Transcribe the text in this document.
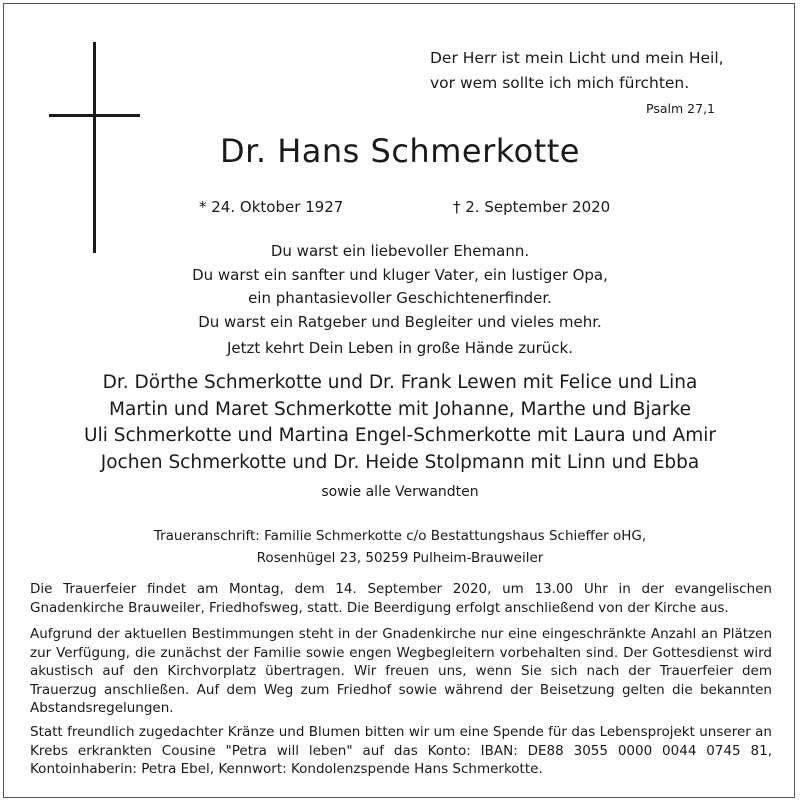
Der Herr ist mein Licht und mein Heil,
vor wem sollte ich mich fürchten.
Psalm 27,1
Dr. Hans Schmerkotte
* 24. Oktober 1927	† 2. September 2020
Du warst ein liebevoller Ehemann.
Du warst ein sanfter und kluger Vater, ein lustiger Opa,
ein phantasievoller Geschichtenerfinder.
Du warst ein Ratgeber und Begleiter und vieles mehr.
Jetzt kehrt Dein Leben in große Hände zurück.
Dr. Dörthe Schmerkotte und Dr. Frank Lewen mit Felice und Lina
Martin und Maret Schmerkotte mit Johanne, Marthe und Bjarke
Uli Schmerkotte und Martina Engel-Schmerkotte mit Laura und Amir
Jochen Schmerkotte und Dr. Heide Stolpmann mit Linn und Ebba
sowie alle Verwandten
Traueranschrift: Familie Schmerkotte c/o Bestattungshaus Schieffer oHG,
Rosenhügel 23, 50259 Pulheim-Brauweiler
Die Trauerfeier findet am Montag, dem 14. September 2020, um 13.00 Uhr in der evangelischen Gnadenkirche Brauweiler, Friedhofsweg, statt. Die Beerdigung erfolgt anschließend von der Kirche aus.
Aufgrund der aktuellen Bestimmungen steht in der Gnadenkirche nur eine eingeschränkte Anzahl an Plätzen zur Verfügung, die zunächst der Familie sowie engen Wegbegleitern vorbehalten sind. Der Gottesdienst wird akustisch auf den Kirchvorplatz übertragen. Wir freuen uns, wenn Sie sich nach der Trauerfeier dem Trauerzug anschließen. Auf dem Weg zum Friedhof sowie während der Beisetzung gelten die bekannten Abstandsregelungen.
Statt freundlich zugedachter Kränze und Blumen bitten wir um eine Spende für das Lebensprojekt unserer an Krebs erkrankten Cousine "Petra will leben" auf das Konto: IBAN: DE88 3055 0000 0044 0745 81, Kontoinhaberin: Petra Ebel, Kennwort: Kondolenzspende Hans Schmerkotte.
